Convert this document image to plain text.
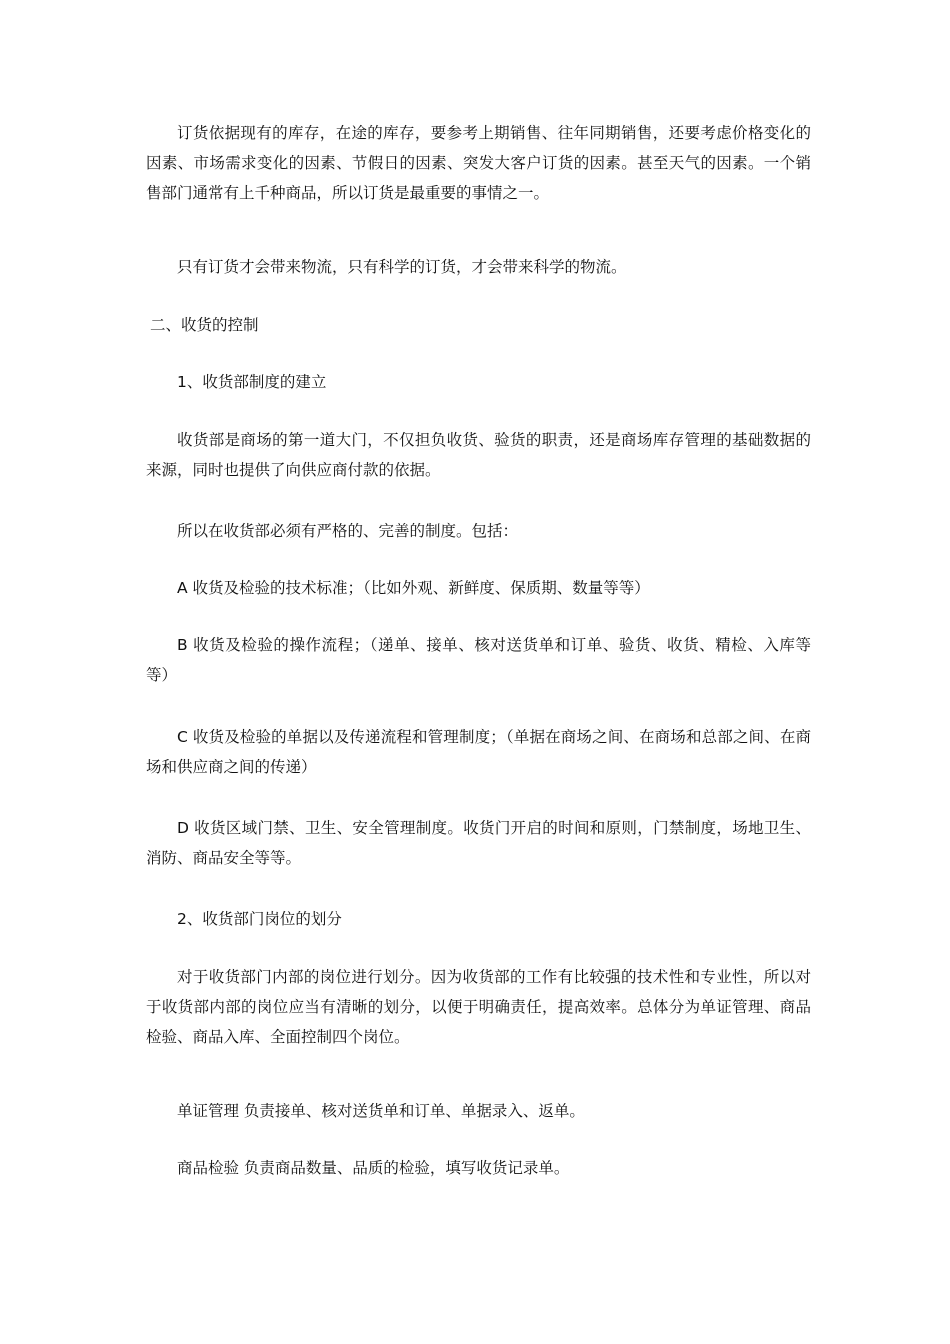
订货依据现有的库存，在途的库存，要参考上期销售、往年同期销售，还要考虑价格变化的因素、市场需求变化的因素、节假日的因素、突发大客户订货的因素。甚至天气的因素。一个销售部门通常有上千种商品，所以订货是最重要的事情之一。

只有订货才会带来物流，只有科学的订货，才会带来科学的物流。

二、收货的控制

1、收货部制度的建立

收货部是商场的第一道大门，不仅担负收货、验货的职责，还是商场库存管理的基础数据的来源，同时也提供了向供应商付款的依据。

所以在收货部必须有严格的、完善的制度。包括：

A 收货及检验的技术标准；（比如外观、新鲜度、保质期、数量等等）

B 收货及检验的操作流程；（递单、接单、核对送货单和订单、验货、收货、精检、入库等等）

C 收货及检验的单据以及传递流程和管理制度；（单据在商场之间、在商场和总部之间、在商场和供应商之间的传递）

D 收货区域门禁、卫生、安全管理制度。收货门开启的时间和原则，门禁制度，场地卫生、消防、商品安全等等。

2、收货部门岗位的划分

对于收货部门内部的岗位进行划分。因为收货部的工作有比较强的技术性和专业性，所以对于收货部内部的岗位应当有清晰的划分，以便于明确责任，提高效率。总体分为单证管理、商品检验、商品入库、全面控制四个岗位。

单证管理 负责接单、核对送货单和订单、单据录入、返单。

商品检验 负责商品数量、品质的检验，填写收货记录单。
